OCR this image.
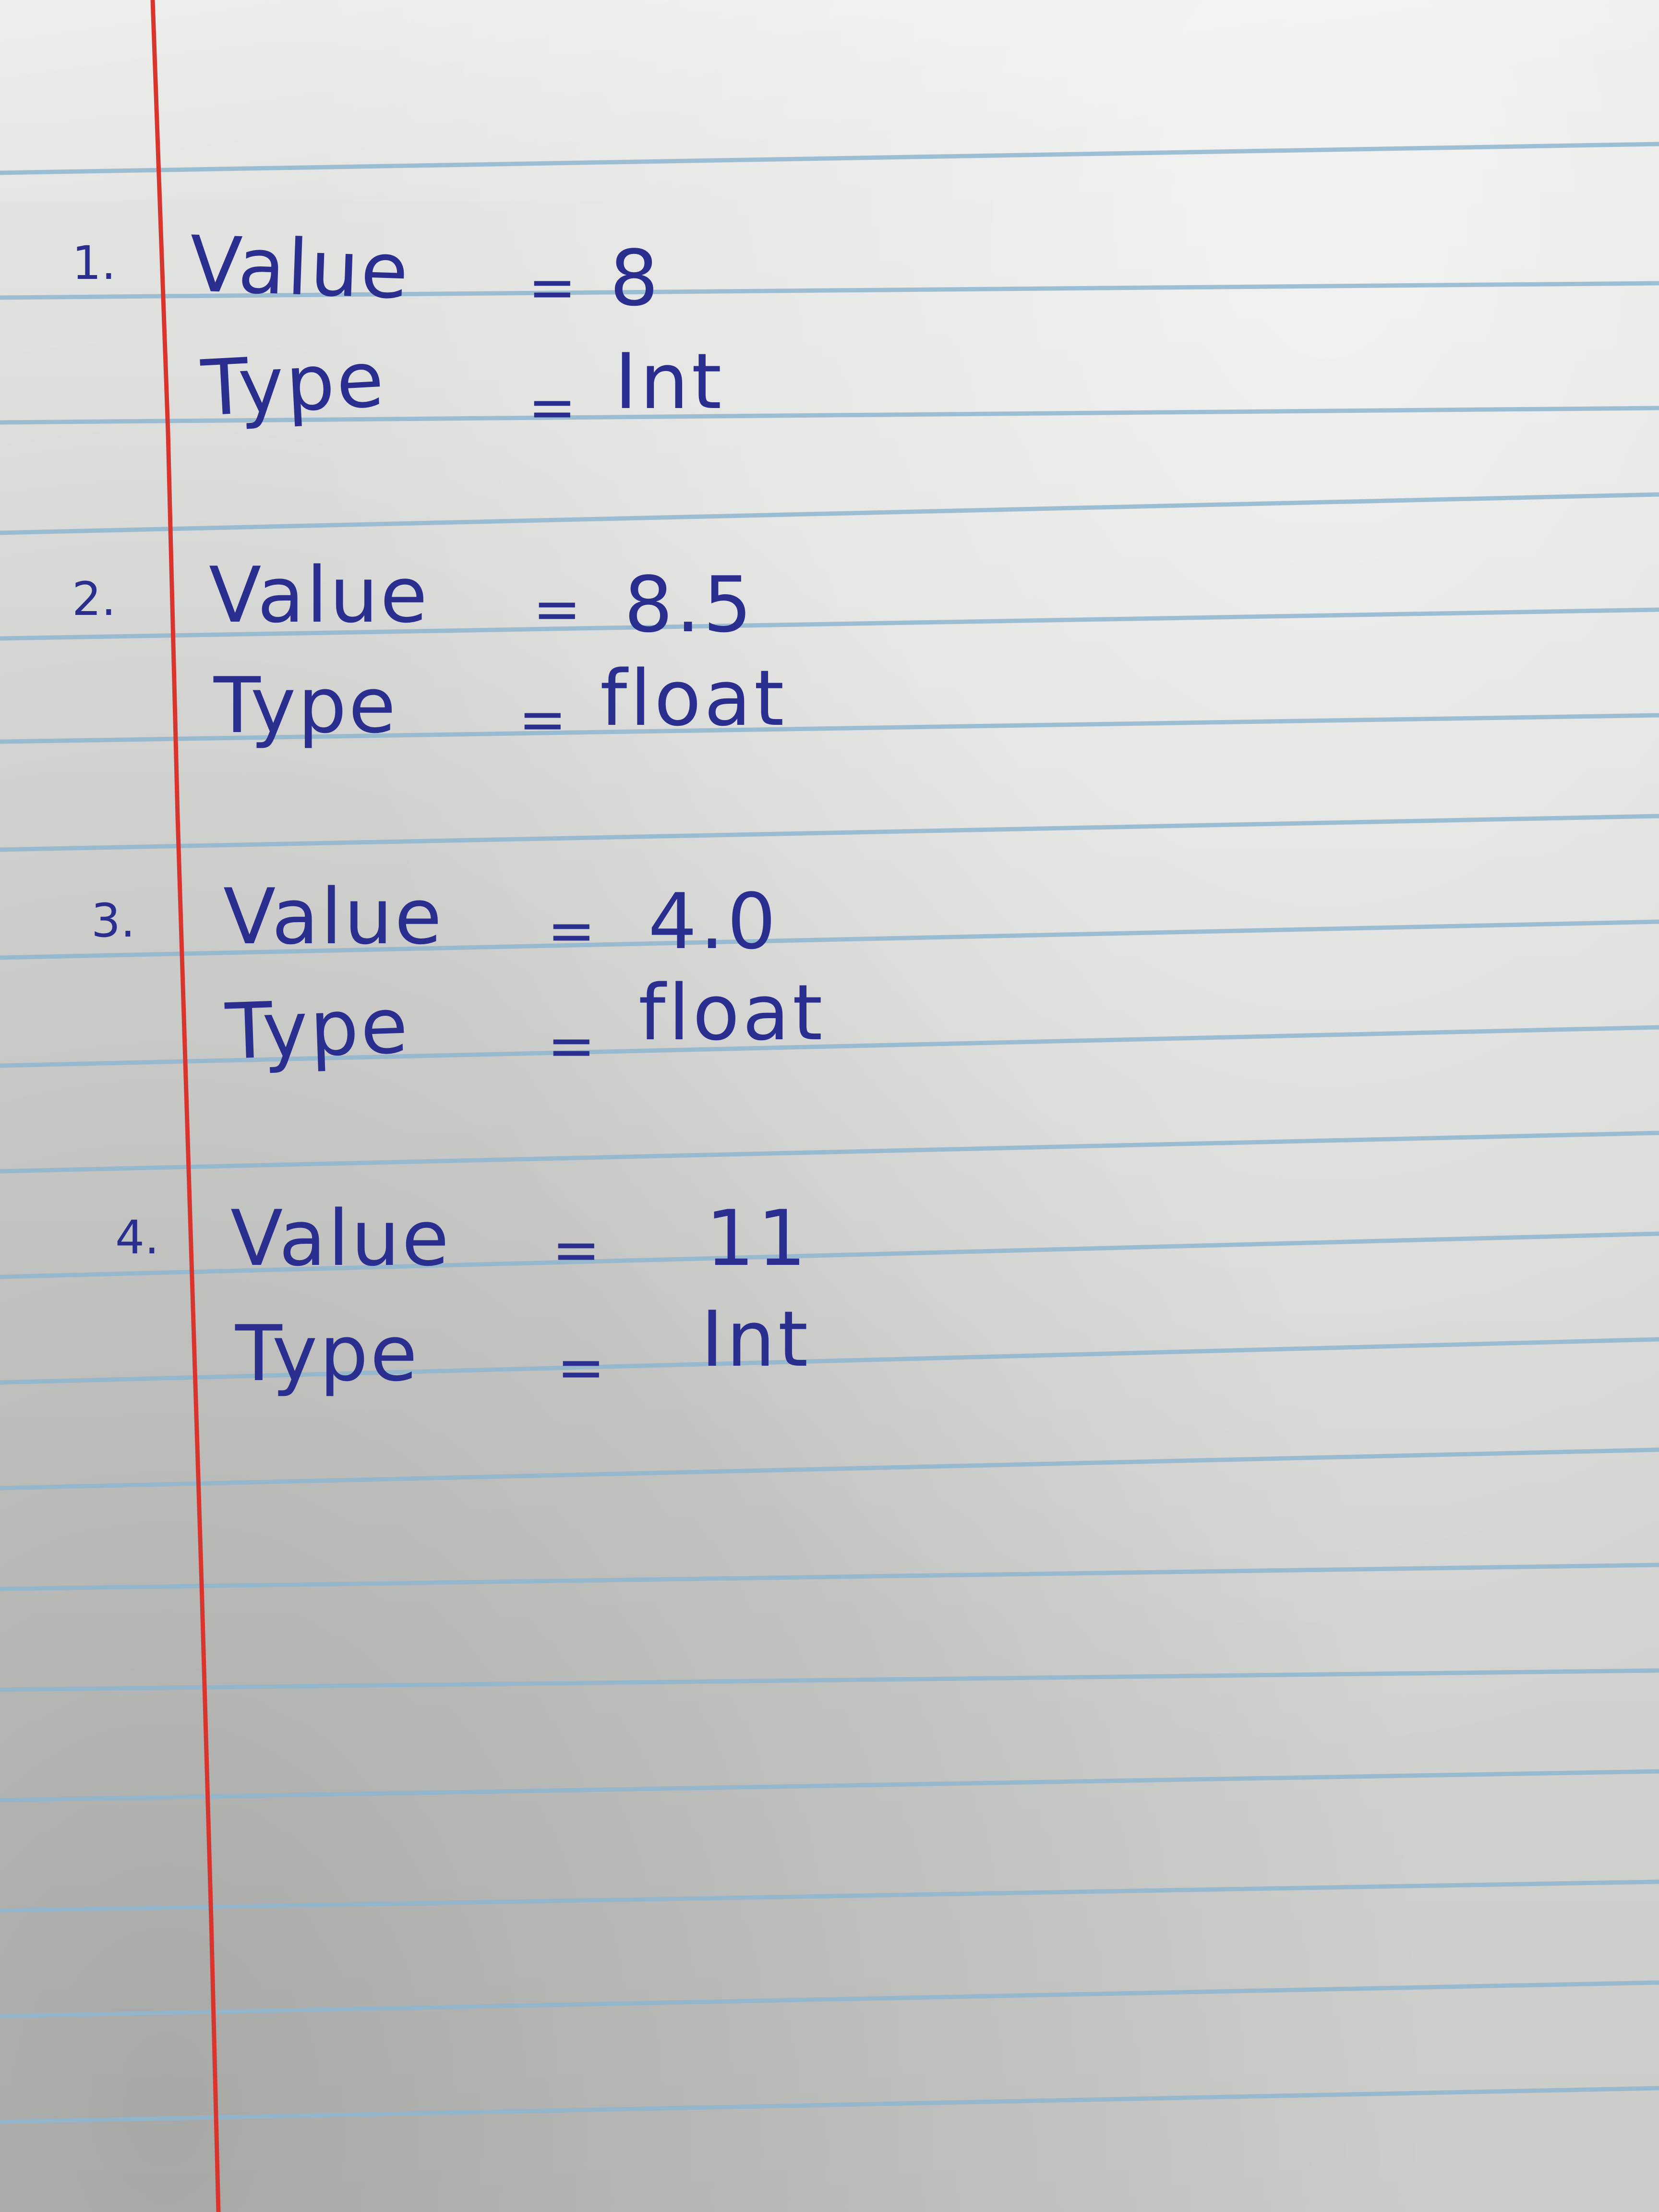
1. Value = 8
Type = Int
2. Value = 8.5
Type = float
3. Value = 4.0
Type = float
4. Value = 11
Type = Int
